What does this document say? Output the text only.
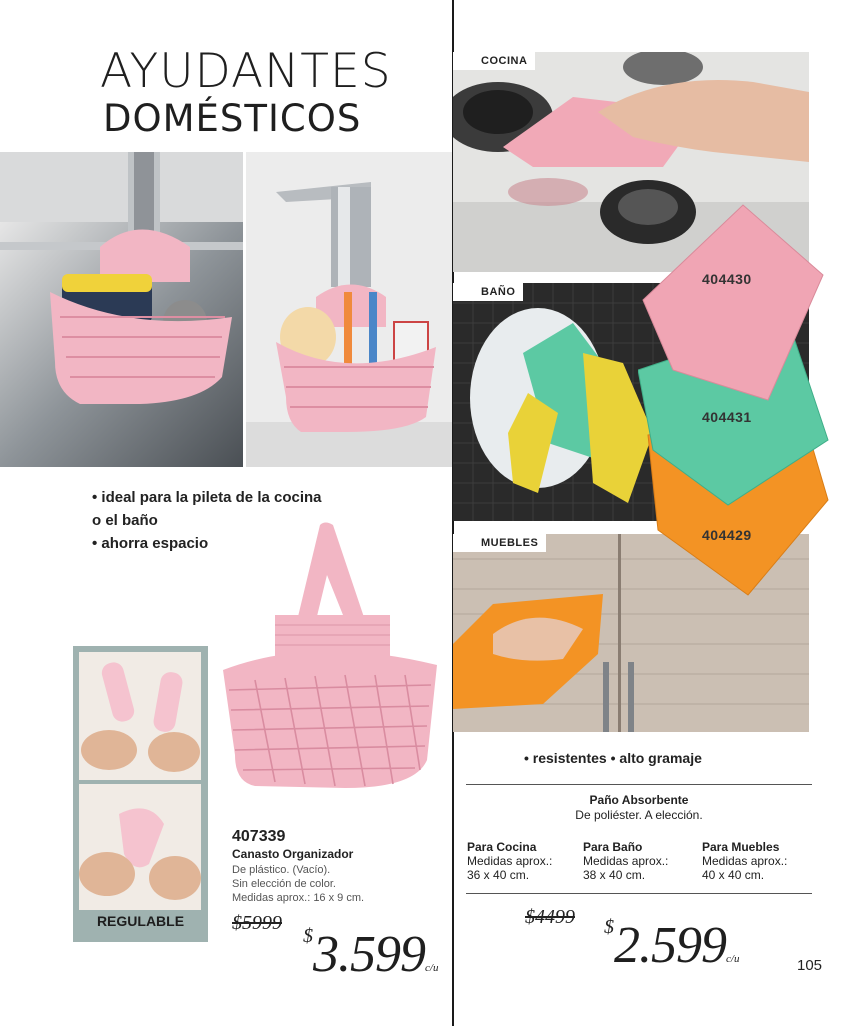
AYUDANTES
DOMÉSTICOS
• ideal para la pileta de la cocina
o el baño
• ahorra espacio
REGULABLE
407339
Canasto Organizador
De plástico. (Vacío).
Sin elección de color.
Medidas aprox.: 16 x 9 cm.
$5999
$3.599c/u
COCINA
BAÑO
MUEBLES
404430
404431
404429
• resistentes • alto gramaje
Paño Absorbente
De poliéster. A elección.
Para Cocina
Medidas aprox.:
36 x 40 cm.
Para Baño
Medidas aprox.:
38 x 40 cm.
Para Muebles
Medidas aprox.:
40 x 40 cm.
$4499 $2.599c/u	105
